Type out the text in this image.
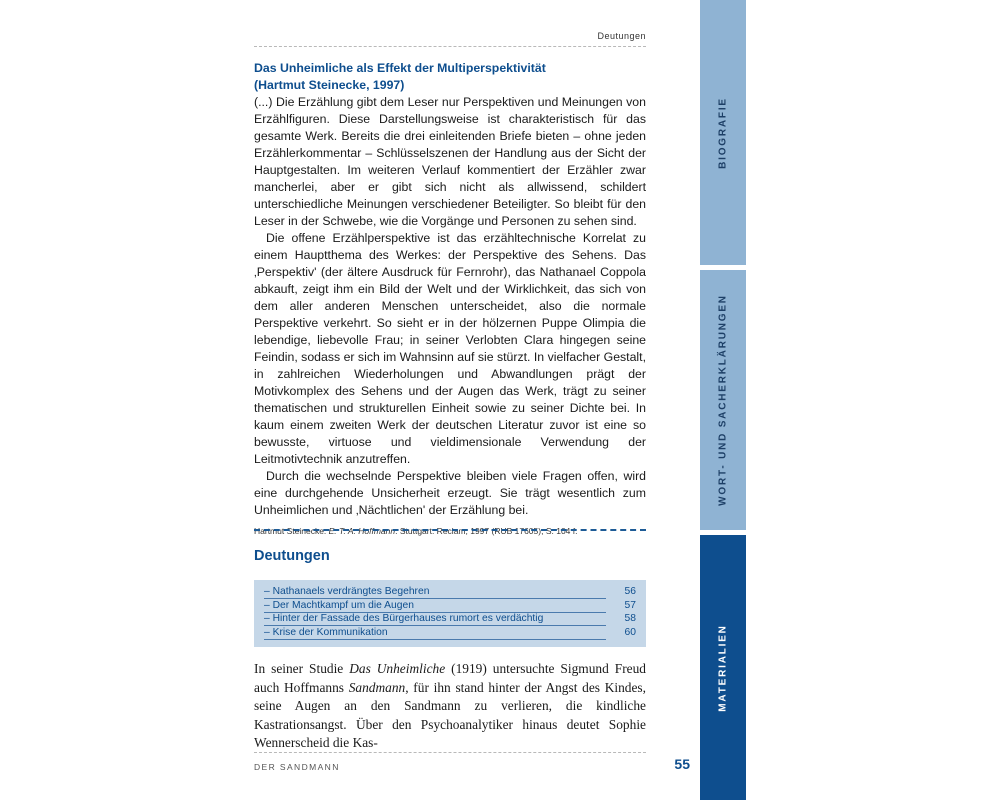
Deutungen
BIOGRAFIE
WORT- UND SACHERKLÄRUNGEN
MATERIALIEN
Das Unheimliche als Effekt der Multiperspektivität
(Hartmut Steinecke, 1997)

(...) Die Erzählung gibt dem Leser nur Perspektiven und Meinungen von Erzählfiguren. Diese Darstellungsweise ist charakteristisch für das gesamte Werk. Bereits die drei einleitenden Briefe bieten – ohne jeden Erzählerkommentar – Schlüsselszenen der Handlung aus der Sicht der Hauptgestalten. Im weiteren Verlauf kommentiert der Erzähler zwar mancherlei, aber er gibt sich nicht als allwissend, schildert unterschiedliche Meinungen verschiedener Beteiligter. So bleibt für den Leser in der Schwebe, wie die Vorgänge und Personen zu sehen sind.

Die offene Erzählperspektive ist das erzähltechnische Korrelat zu einem Hauptthema des Werkes: der Perspektive des Sehens. Das ‚Perspektiv' (der ältere Ausdruck für Fernrohr), das Nathanael Coppola abkauft, zeigt ihm ein Bild der Welt und der Wirklichkeit, das sich von dem aller anderen Menschen unterscheidet, also die normale Perspektive verkehrt. So sieht er in der hölzernen Puppe Olimpia die lebendige, liebevolle Frau; in seiner Verlobten Clara hingegen seine Feindin, sodass er sich im Wahnsinn auf sie stürzt. In vielfacher Gestalt, in zahlreichen Wiederholungen und Abwandlungen prägt der Motivkomplex des Sehens und der Augen das Werk, trägt zu seiner thematischen und strukturellen Einheit sowie zu seiner Dichte bei. In kaum einem zweiten Werk der deutschen Literatur zuvor ist eine so bewusste, virtuose und vieldimensionale Verwendung der Leitmotivtechnik anzutreffen.

Durch die wechselnde Perspektive bleiben viele Fragen offen, wird eine durchgehende Unsicherheit erzeugt. Sie trägt wesentlich zum Unheimlichen und ‚Nächtlichen' der Erzählung bei.

Hartmut Steinecke: E. T. A. Hoffmann. Stuttgart: Reclam, 1997 (RUB 17605), S. 104 f.
Deutungen
– Nathanaels verdrängtes Begehren	56
– Der Machtkampf um die Augen	57
– Hinter der Fassade des Bürgerhauses rumort es verdächtig	58
– Krise der Kommunikation	60

In seiner Studie Das Unheimliche (1919) untersuchte Sigmund Freud auch Hoffmanns Sandmann, für ihn stand hinter der Angst des Kindes, seine Augen an den Sandmann zu verlieren, die kindliche Kastrationsangst. Über den Psychoanalytiker hinaus deutet Sophie Wennerscheid die Kas-

DER SANDMANN	55
